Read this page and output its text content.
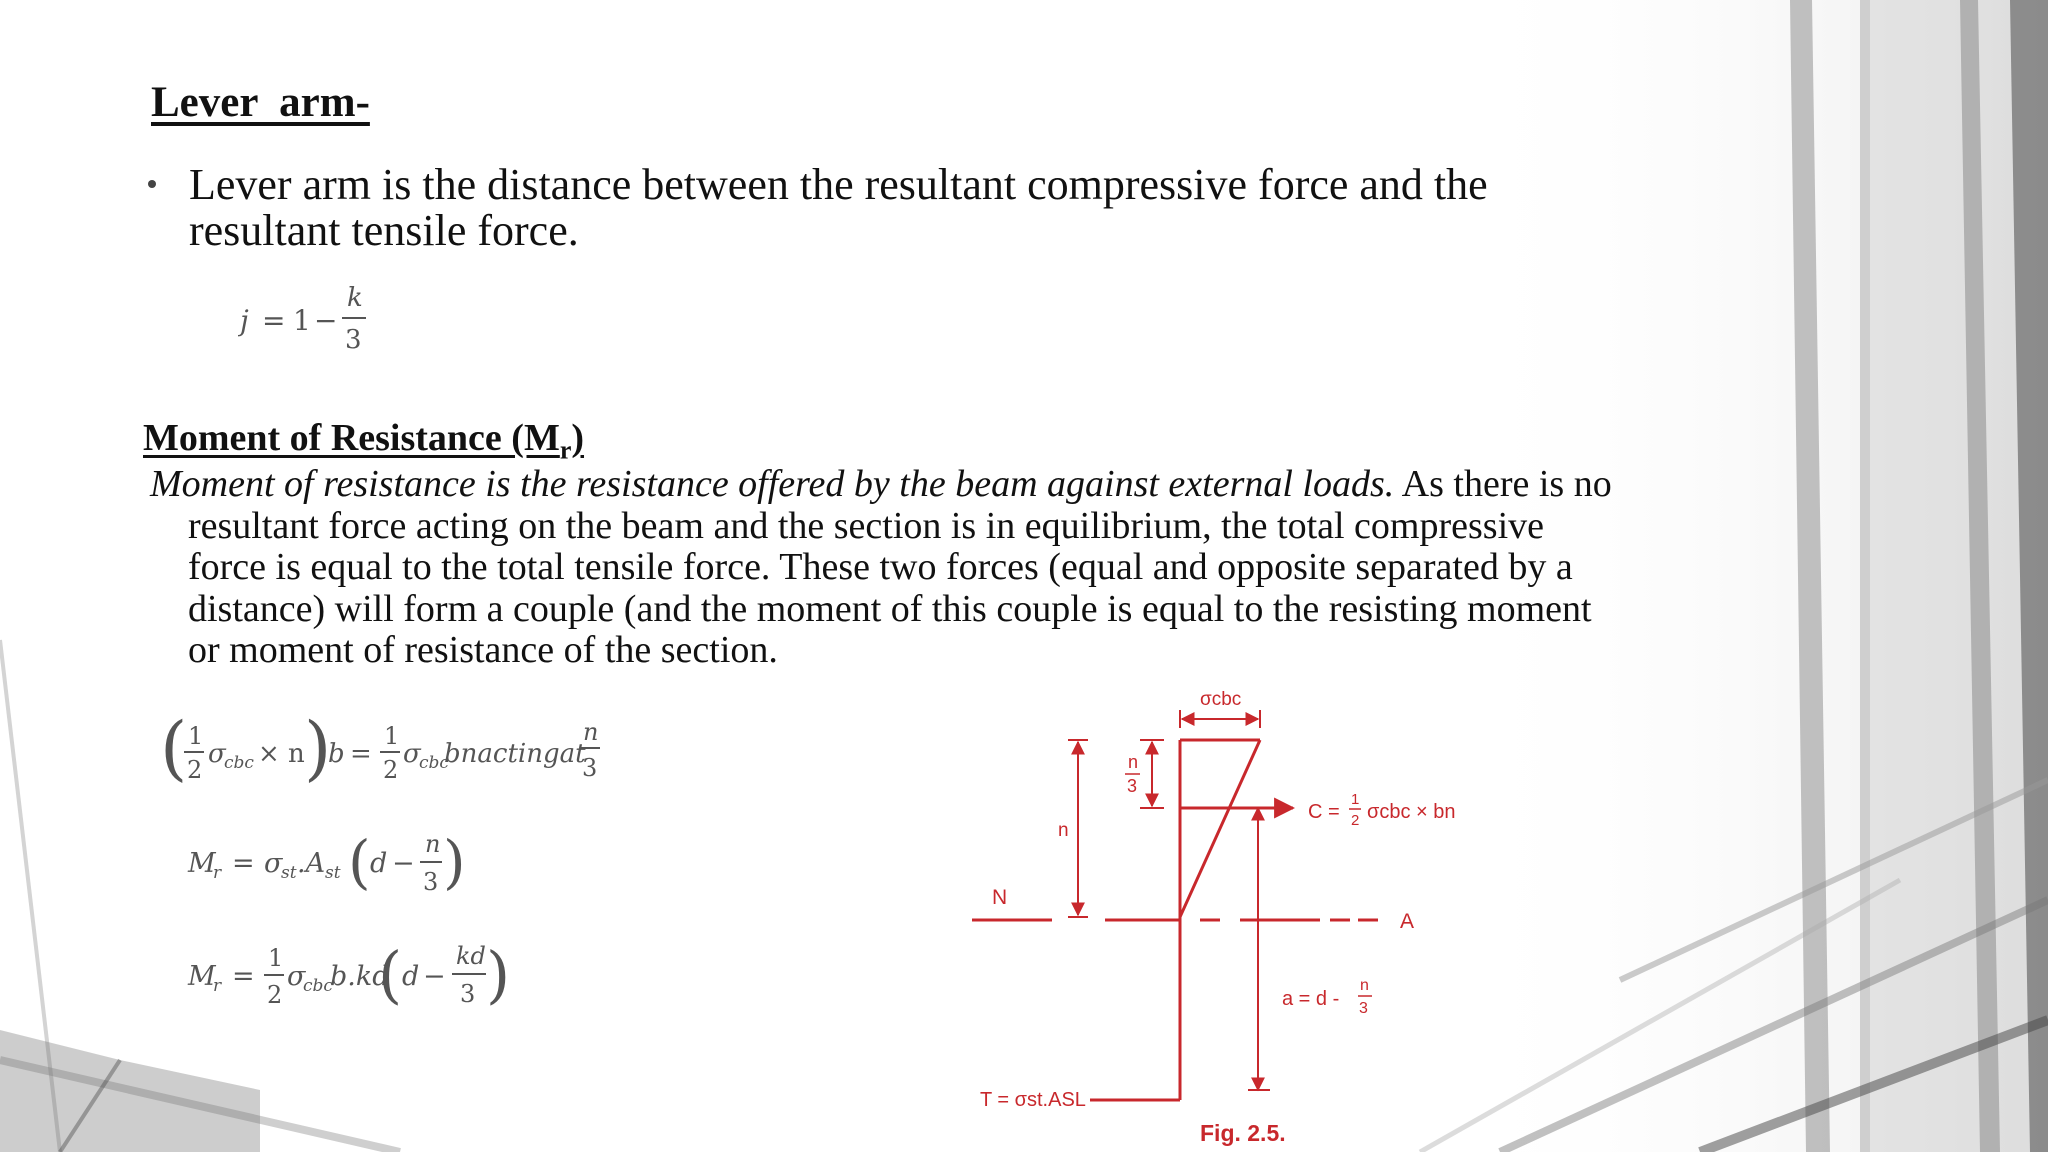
Lever  arm-
Lever arm is the distance between the resultant compressive force and the resultant tensile force.
j = 1 −
k
3
Moment of Resistance $(M_r)$
Moment of resistance is the resistance offered by the beam against external loads. As there is no resultant force acting on the beam and the section is in equilibrium, the total compressive force is equal to the total tensile force. These two forces (equal and opposite separated by a distance) will form a couple (and the moment of this couple is equal to the resisting moment or moment of resistance of the section.
( 1
2
σ
cbc × n )
b =
1
2
σ
cbc
bnactingat
n
3
M
r = σ
st .A st ( d −
n
3 )
M
r =
1
2
σ
cbc
b.kd
( d −
kd
3 )
σcbc
C =
1
2 σcbc × bn
n
3
n
N
A
a = d -
n
3
T = σst.ASL
Fig. 2.5.
